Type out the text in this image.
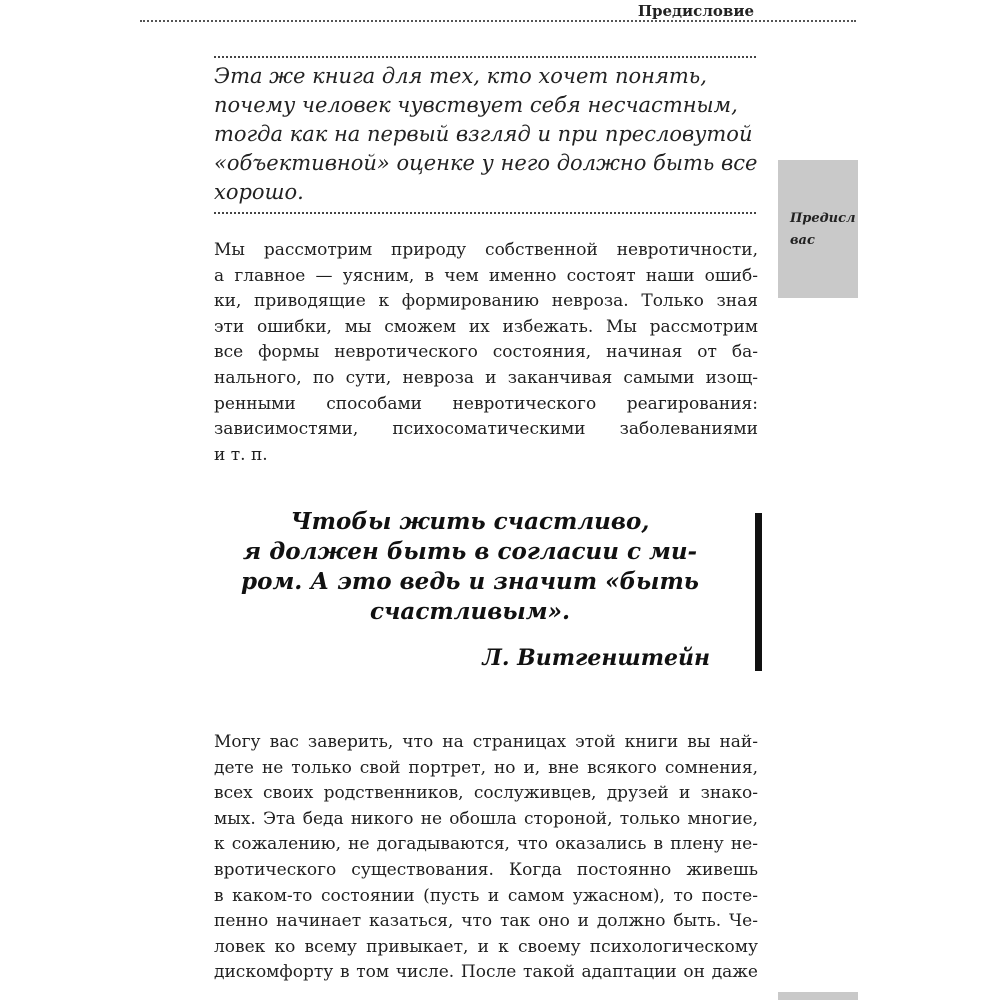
Предисловие
Эта же книга для тех, кто хочет понять,
почему человек чувствует себя несчастным,
тогда как на первый взгляд и при пресловутой
«объективной» оценке у него должно быть все
хорошо.
Предисл
вас
Мы рассмотрим природу собственной невротичности,
а главное — уясним, в чем именно состоят наши ошиб-
ки, приводящие к формированию невроза. Только зная
эти ошибки, мы сможем их избежать. Мы рассмотрим
все формы невротического состояния, начиная от ба-
нального, по сути, невроза и заканчивая самыми изощ-
ренными способами невротического реагирования:
зависимостями, психосоматическими заболеваниями
и т. п.
Чтобы жить счастливо,
я должен быть в согласии с ми-
ром. А это ведь и значит «быть
счастливым».
Л. Витгенштейн
Могу вас заверить, что на страницах этой книги вы най-
дете не только свой портрет, но и, вне всякого сомнения,
всех своих родственников, сослуживцев, друзей и знако-
мых. Эта беда никого не обошла стороной, только многие,
к сожалению, не догадываются, что оказались в плену не-
вротического существования. Когда постоянно живешь
в каком-то состоянии (пусть и самом ужасном), то посте-
пенно начинает казаться, что так оно и должно быть. Че-
ловек ко всему привыкает, и к своему психологическому
дискомфорту в том числе. После такой адаптации он даже
